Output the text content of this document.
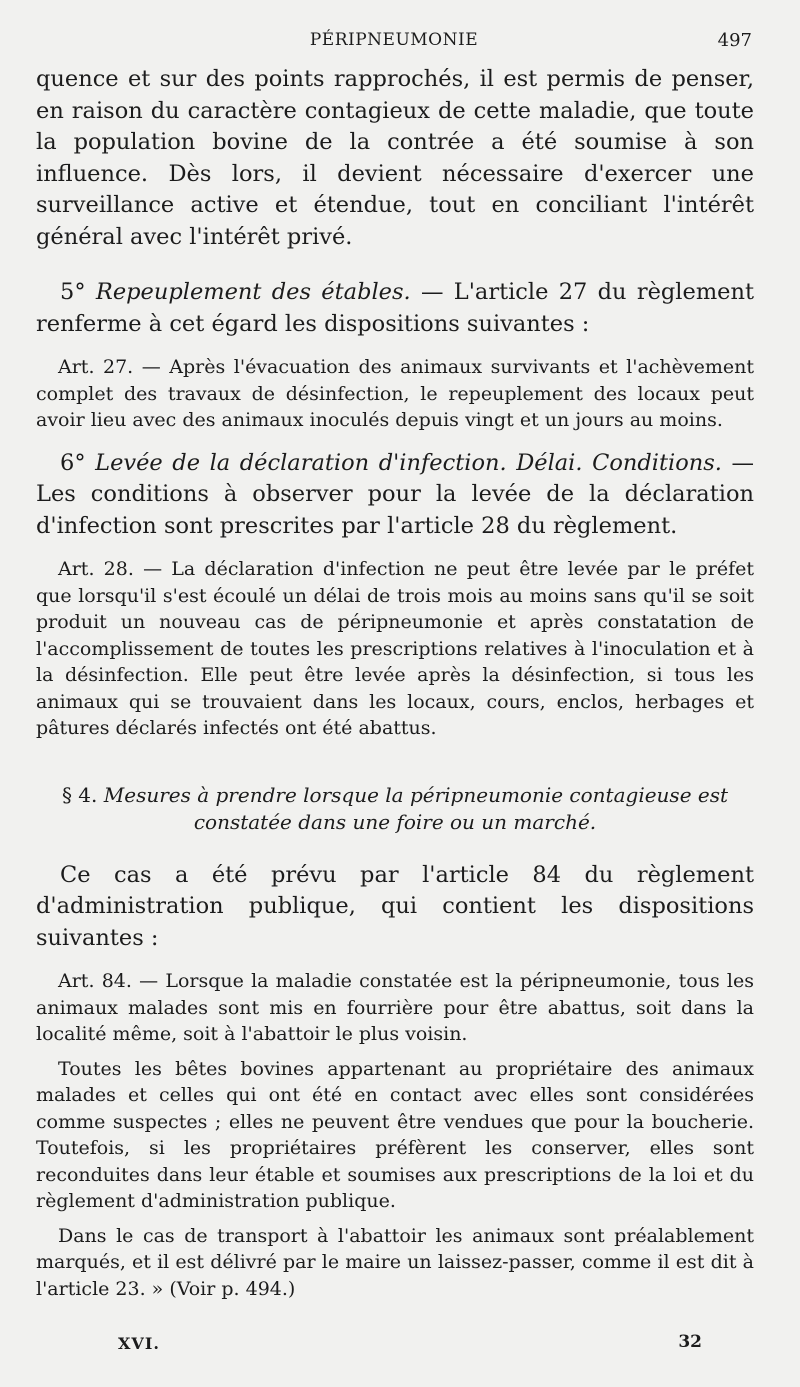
PÉRIPNEUMONIE	497

quence et sur des points rapprochés, il est permis de penser, en raison du caractère contagieux de cette maladie, que toute la population bovine de la contrée a été soumise à son influence. Dès lors, il devient nécessaire d'exercer une surveillance active et étendue, tout en conciliant l'intérêt général avec l'intérêt privé.

5° Repeuplement des étables. — L'article 27 du règlement renferme à cet égard les dispositions suivantes :

Art. 27. — Après l'évacuation des animaux survivants et l'achèvement complet des travaux de désinfection, le repeuplement des locaux peut avoir lieu avec des animaux inoculés depuis vingt et un jours au moins.

6° Levée de la déclaration d'infection. Délai. Conditions. — Les conditions à observer pour la levée de la déclaration d'infection sont prescrites par l'article 28 du règlement.

Art. 28. — La déclaration d'infection ne peut être levée par le préfet que lorsqu'il s'est écoulé un délai de trois mois au moins sans qu'il se soit produit un nouveau cas de péripneumonie et après constatation de l'accomplissement de toutes les prescriptions relatives à l'inoculation et à la désinfection. Elle peut être levée après la désinfection, si tous les animaux qui se trouvaient dans les locaux, cours, enclos, herbages et pâtures déclarés infectés ont été abattus.

§ 4. Mesures à prendre lorsque la péripneumonie contagieuse est constatée dans une foire ou un marché.

Ce cas a été prévu par l'article 84 du règlement d'administration publique, qui contient les dispositions suivantes :

Art. 84. — Lorsque la maladie constatée est la péripneumonie, tous les animaux malades sont mis en fourrière pour être abattus, soit dans la localité même, soit à l'abattoir le plus voisin.

Toutes les bêtes bovines appartenant au propriétaire des animaux malades et celles qui ont été en contact avec elles sont considérées comme suspectes ; elles ne peuvent être vendues que pour la boucherie. Toutefois, si les propriétaires préfèrent les conserver, elles sont reconduites dans leur étable et soumises aux prescriptions de la loi et du règlement d'administration publique.

Dans le cas de transport à l'abattoir les animaux sont préalablement marqués, et il est délivré par le maire un laissez-passer, comme il est dit à l'article 23. » (Voir p. 494.)

XVI.	32
